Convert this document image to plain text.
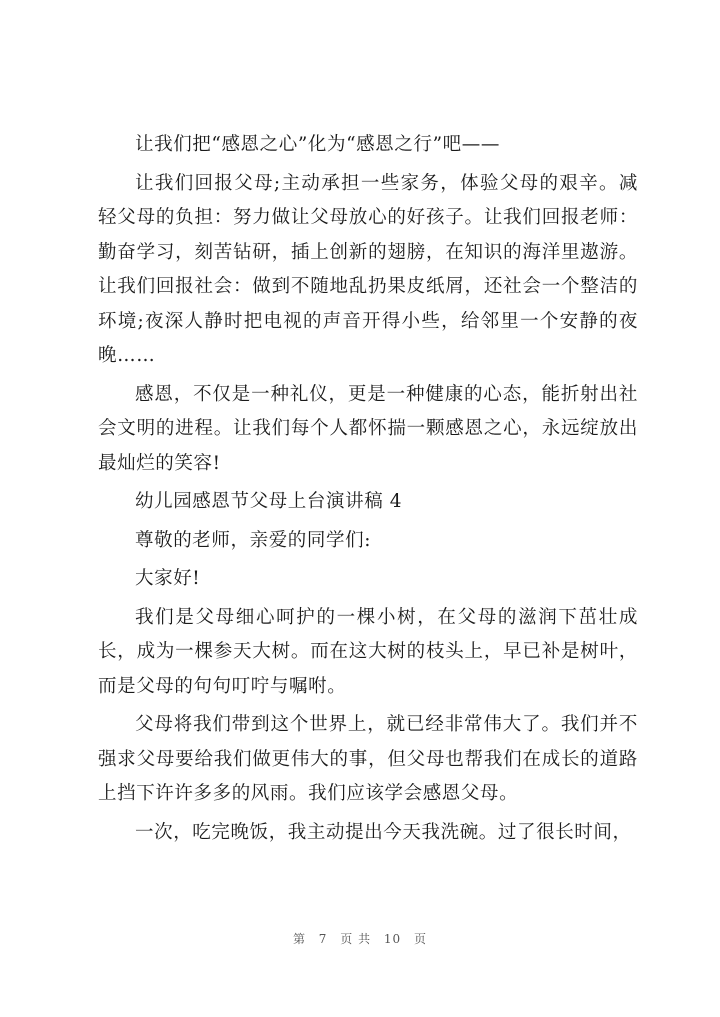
让我们把“感恩之心”化为“感恩之行”吧——

让我们回报父母;主动承担一些家务，体验父母的艰辛。减轻父母的负担：努力做让父母放心的好孩子。让我们回报老师：勤奋学习，刻苦钻研，插上创新的翅膀，在知识的海洋里遨游。让我们回报社会：做到不随地乱扔果皮纸屑，还社会一个整洁的环境;夜深人静时把电视的声音开得小些，给邻里一个安静的夜晚……

感恩，不仅是一种礼仪，更是一种健康的心态，能折射出社会文明的进程。让我们每个人都怀揣一颗感恩之心，永远绽放出最灿烂的笑容!

幼儿园感恩节父母上台演讲稿 4

尊敬的老师，亲爱的同学们:

大家好!

我们是父母细心呵护的一棵小树，在父母的滋润下茁壮成长，成为一棵参天大树。而在这大树的枝头上，早已补是树叶，而是父母的句句叮咛与嘱咐。

父母将我们带到这个世界上，就已经非常伟大了。我们并不强求父母要给我们做更伟大的事，但父母也帮我们在成长的道路上挡下许许多多的风雨。我们应该学会感恩父母。

一次，吃完晚饭，我主动提出今天我洗碗。过了很长时间，

第 7 页 共 10 页
